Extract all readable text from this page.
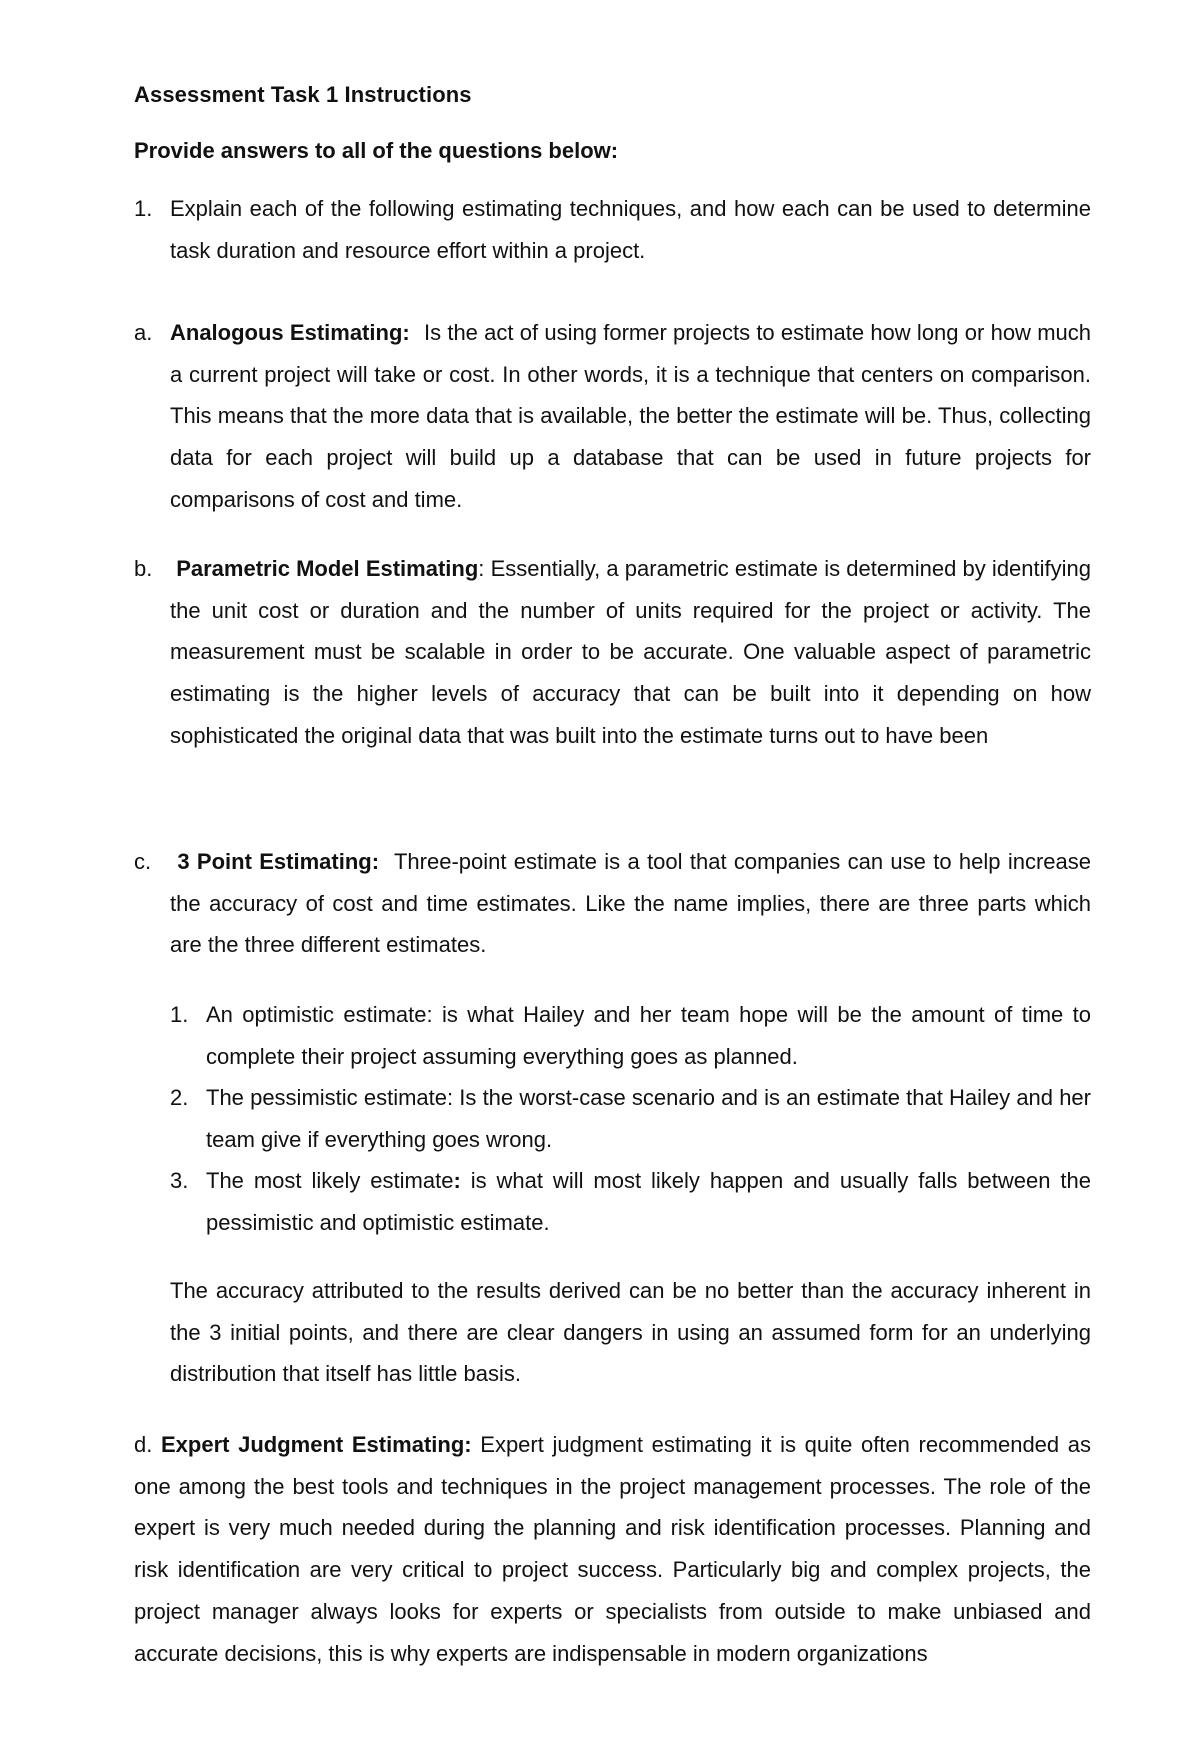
Assessment Task 1 Instructions
Provide answers to all of the questions below:
1. Explain each of the following estimating techniques, and how each can be used to determine task duration and resource effort within a project.
a. Analogous Estimating: Is the act of using former projects to estimate how long or how much a current project will take or cost. In other words, it is a technique that centers on comparison. This means that the more data that is available, the better the estimate will be. Thus, collecting data for each project will build up a database that can be used in future projects for comparisons of cost and time.
b. Parametric Model Estimating: Essentially, a parametric estimate is determined by identifying the unit cost or duration and the number of units required for the project or activity. The measurement must be scalable in order to be accurate. One valuable aspect of parametric estimating is the higher levels of accuracy that can be built into it depending on how sophisticated the original data that was built into the estimate turns out to have been
c.	3 Point Estimating: Three-point estimate is a tool that companies can use to help increase the accuracy of cost and time estimates. Like the name implies, there are three parts which are the three different estimates.
1. An optimistic estimate: is what Hailey and her team hope will be the amount of time to complete their project assuming everything goes as planned.
2. The pessimistic estimate: Is the worst-case scenario and is an estimate that Hailey and her team give if everything goes wrong.
3. The most likely estimate: is what will most likely happen and usually falls between the pessimistic and optimistic estimate.
The accuracy attributed to the results derived can be no better than the accuracy inherent in the 3 initial points, and there are clear dangers in using an assumed form for an underlying distribution that itself has little basis.
d. Expert Judgment Estimating: Expert judgment estimating it is quite often recommended as one among the best tools and techniques in the project management processes. The role of the expert is very much needed during the planning and risk identification processes. Planning and risk identification are very critical to project success. Particularly big and complex projects, the project manager always looks for experts or specialists from outside to make unbiased and accurate decisions, this is why experts are indispensable in modern organizations
